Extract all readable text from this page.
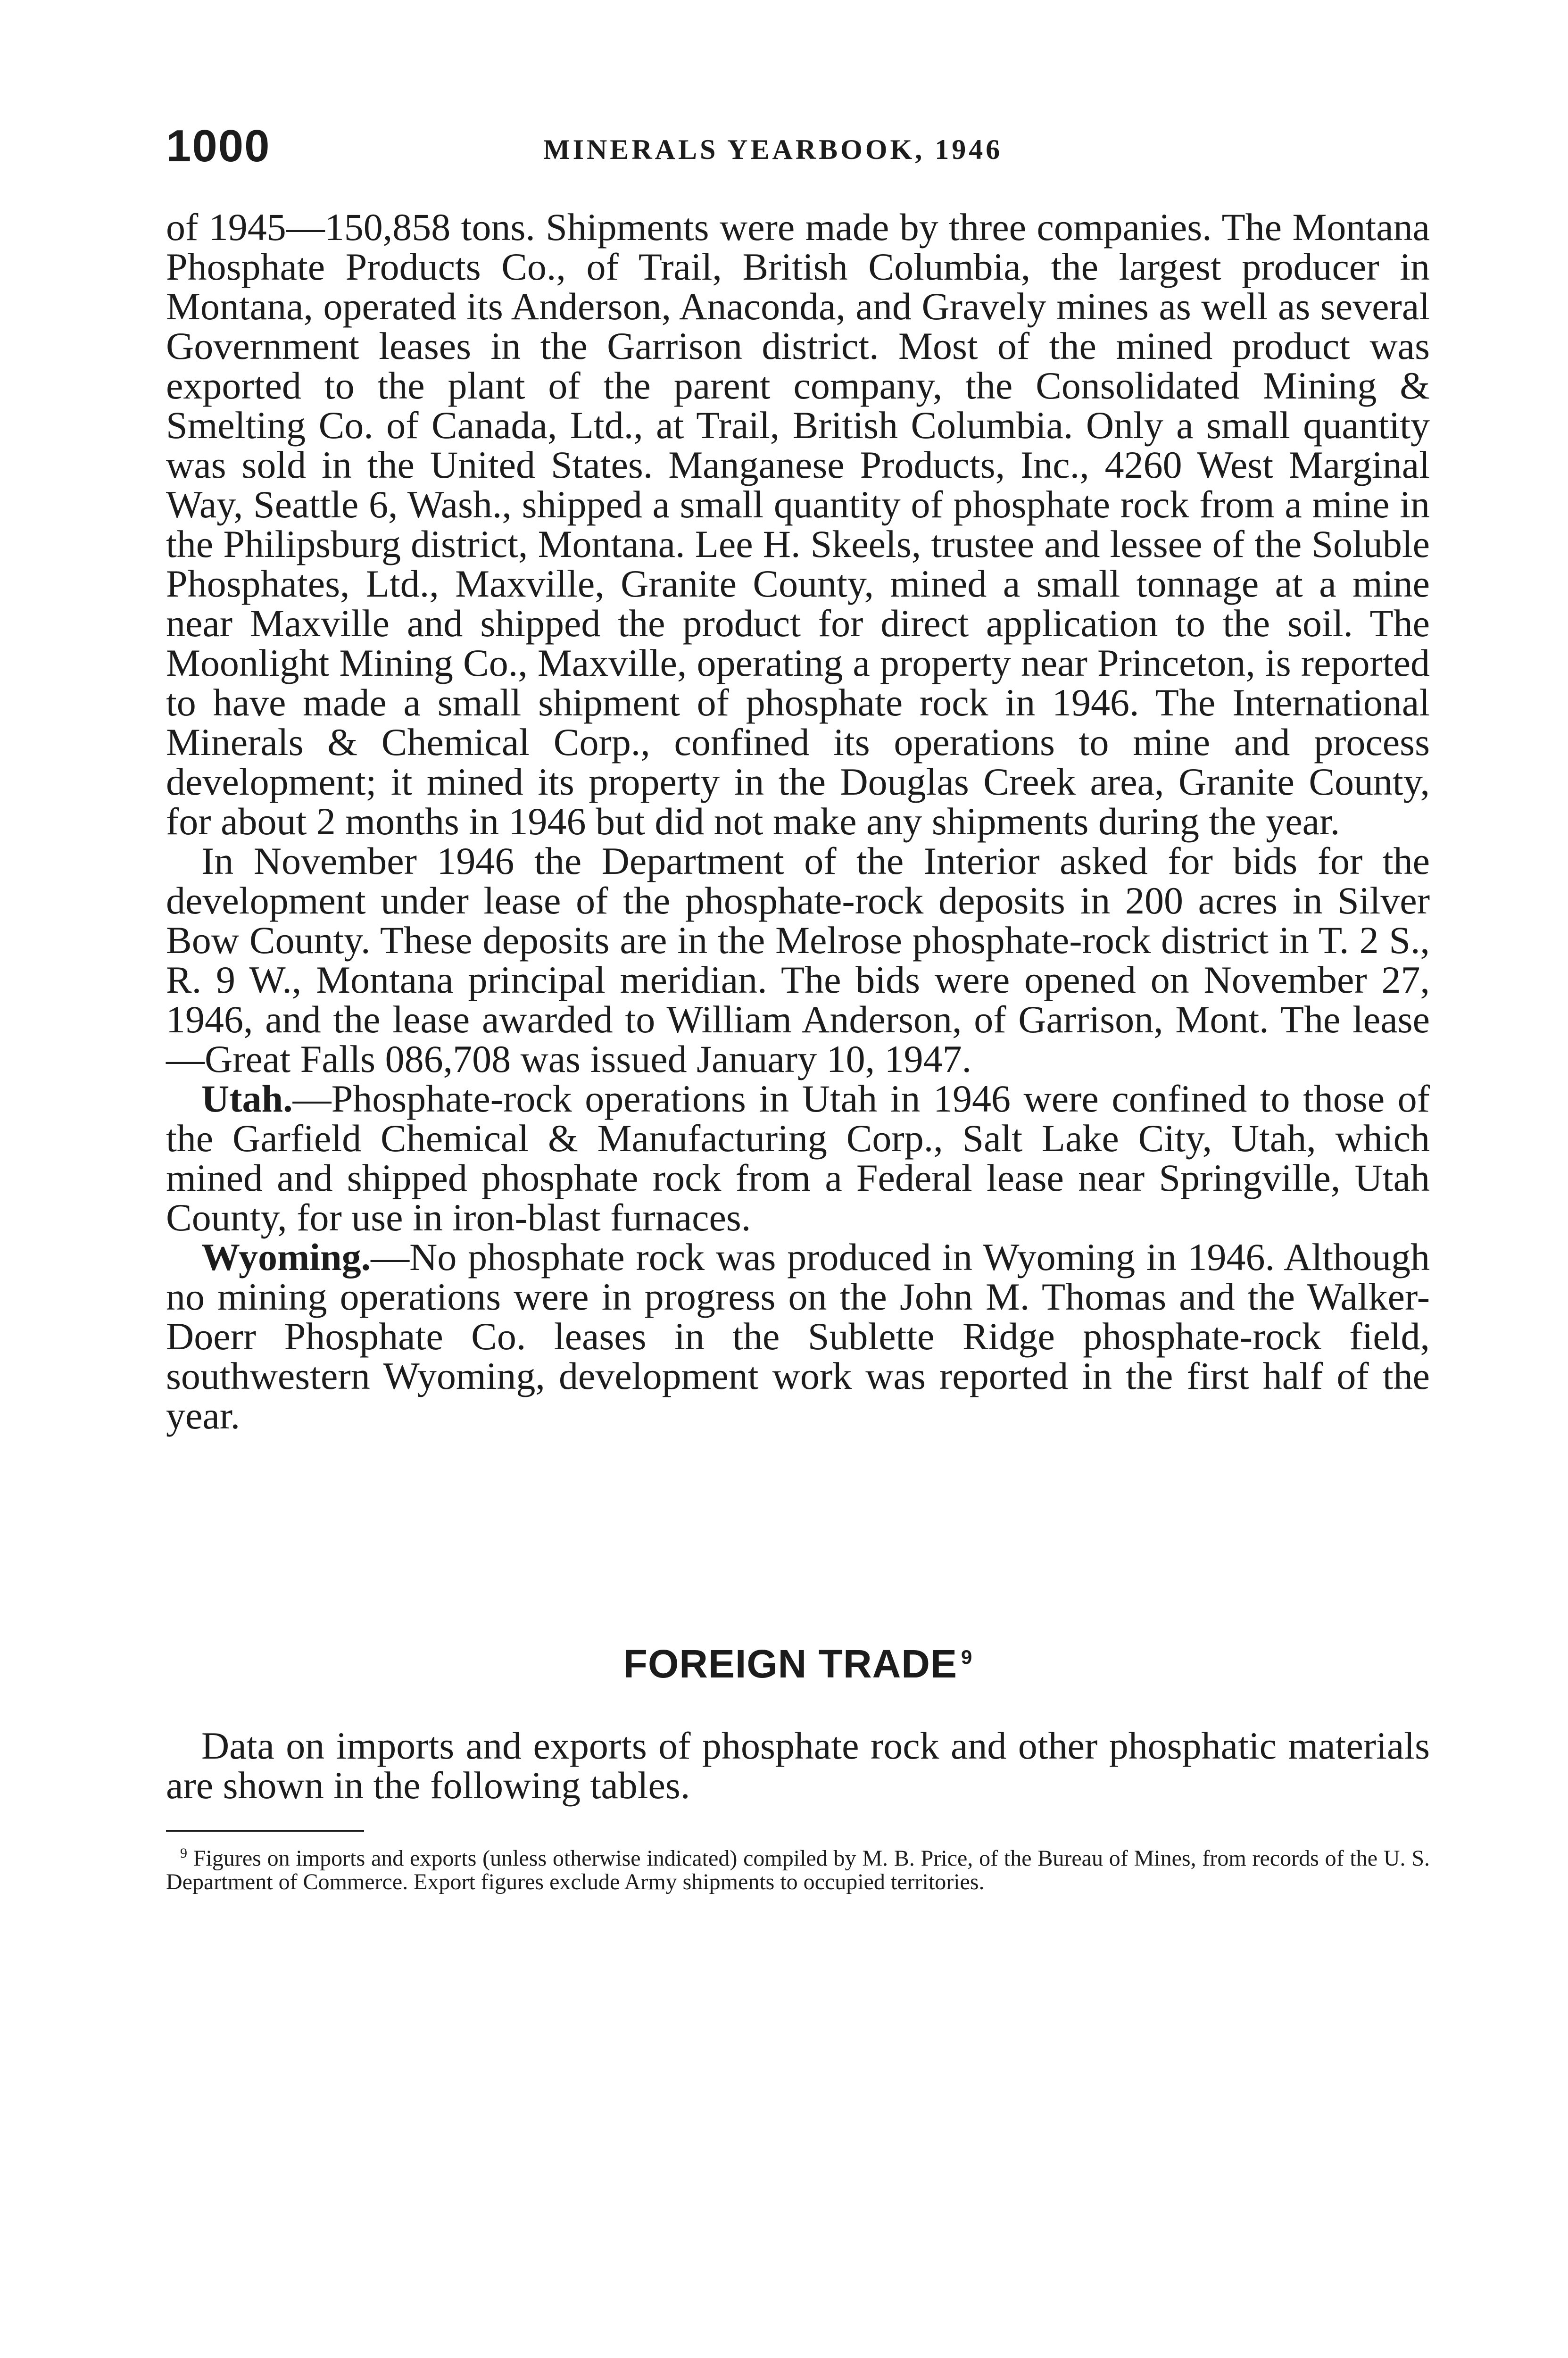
1000	MINERALS YEARBOOK, 1946

of 1945—150,858 tons. Shipments were made by three companies. The Montana Phosphate Products Co., of Trail, British Columbia, the largest producer in Montana, operated its Anderson, Anaconda, and Gravely mines as well as several Government leases in the Garrison district. Most of the mined product was exported to the plant of the parent company, the Consolidated Mining & Smelting Co. of Canada, Ltd., at Trail, British Columbia. Only a small quantity was sold in the United States. Manganese Products, Inc., 4260 West Marginal Way, Seattle 6, Wash., shipped a small quantity of phosphate rock from a mine in the Philipsburg district, Montana. Lee H. Skeels, trustee and lessee of the Soluble Phosphates, Ltd., Maxville, Granite County, mined a small tonnage at a mine near Maxville and shipped the product for direct application to the soil. The Moonlight Mining Co., Maxville, operating a property near Princeton, is reported to have made a small shipment of phosphate rock in 1946. The International Minerals & Chemical Corp., confined its operations to mine and process development; it mined its property in the Douglas Creek area, Granite County, for about 2 months in 1946 but did not make any shipments during the year.

In November 1946 the Department of the Interior asked for bids for the development under lease of the phosphate-rock deposits in 200 acres in Silver Bow County. These deposits are in the Melrose phosphate-rock district in T. 2 S., R. 9 W., Montana principal meridian. The bids were opened on November 27, 1946, and the lease awarded to William Anderson, of Garrison, Mont. The lease—Great Falls 086,708 was issued January 10, 1947.

Utah.—Phosphate-rock operations in Utah in 1946 were confined to those of the Garfield Chemical & Manufacturing Corp., Salt Lake City, Utah, which mined and shipped phosphate rock from a Federal lease near Springville, Utah County, for use in iron-blast furnaces.

Wyoming.—No phosphate rock was produced in Wyoming in 1946. Although no mining operations were in progress on the John M. Thomas and the Walker-Doerr Phosphate Co. leases in the Sublette Ridge phosphate-rock field, southwestern Wyoming, development work was reported in the first half of the year.

FOREIGN TRADE $^9$

Data on imports and exports of phosphate rock and other phosphatic materials are shown in the following tables.

$^9$ Figures on imports and exports (unless otherwise indicated) compiled by M. B. Price, of the Bureau of Mines, from records of the U. S. Department of Commerce. Export figures exclude Army shipments to occupied territories.
